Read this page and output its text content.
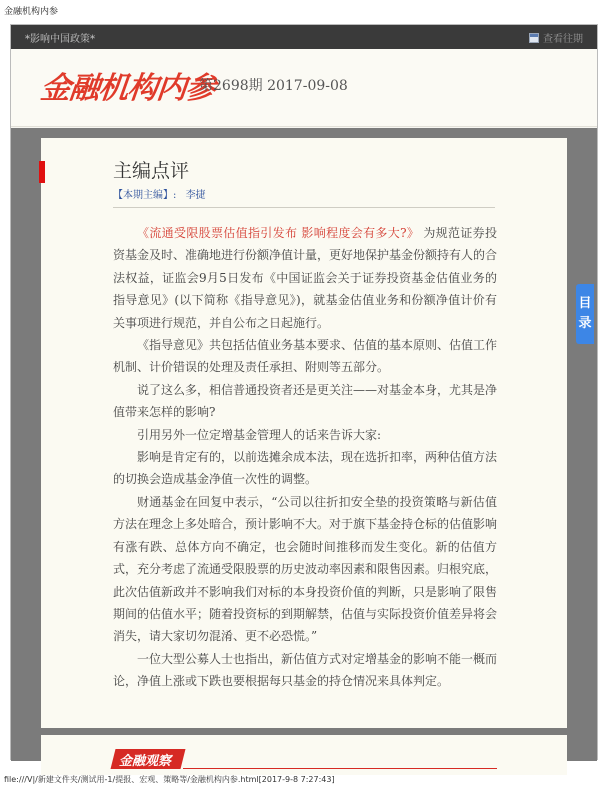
金融机构内参
*影响中国政策*	查看往期
金融机构内参
第2698期 2017-09-08
主编点评
【本期主编】: 李捷

《流通受限股票估值指引发布 影响程度会有多大?》 为规范证券投资基金及时、准确地进行份额净值计量，更好地保护基金份额持有人的合法权益，证监会9月5日发布《中国证监会关于证券投资基金估值业务的指导意见》(以下简称《指导意见》)，就基金估值业务和份额净值计价有关事项进行规范，并自公布之日起施行。

《指导意见》共包括估值业务基本要求、估值的基本原则、估值工作机制、计价错误的处理及责任承担、附则等五部分。

说了这么多，相信普通投资者还是更关注——对基金本身，尤其是净值带来怎样的影响?

引用另外一位定增基金管理人的话来告诉大家:

影响是肯定有的，以前选摊余成本法，现在选折扣率，两种估值方法的切换会造成基金净值一次性的调整。

财通基金在回复中表示，“公司以往折扣安全垫的投资策略与新估值方法在理念上多处暗合，预计影响不大。对于旗下基金持仓标的估值影响有涨有跌、总体方向不确定，也会随时间推移而发生变化。新的估值方式，充分考虑了流通受限股票的历史波动率因素和限售因素。归根究底，此次估值新政并不影响我们对标的本身投资价值的判断，只是影响了限售期间的估值水平；随着投资标的到期解禁，估值与实际投资价值差异将会消失，请大家切勿混淆、更不必恐慌。”

一位大型公募人士也指出，新估值方式对定增基金的影响不能一概而论，净值上涨或下跌也要根据每只基金的持仓情况来具体判定。

金融观察
目
录
file:///V|/新建文件夹/测试用-1/提报、宏观、策略等/金融机构内参.html[2017-9-8 7:27:43]
